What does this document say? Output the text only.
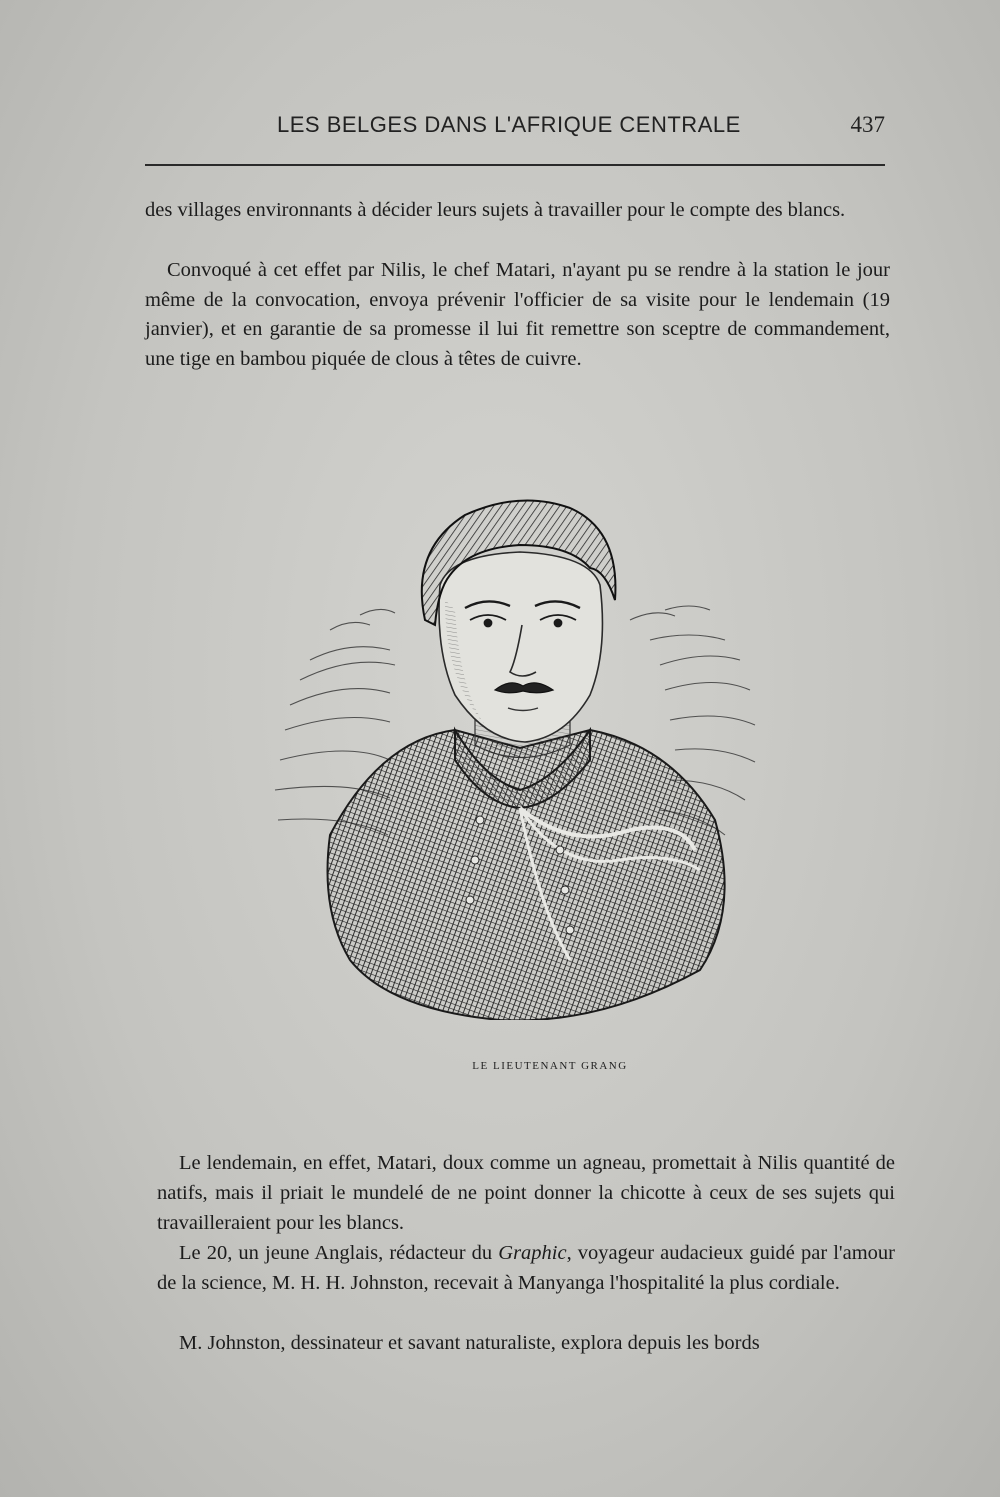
LES BELGES DANS L'AFRIQUE CENTRALE	437

des villages environnants à décider leurs sujets à travailler pour le compte des blancs.

Convoqué à cet effet par Nilis, le chef Matari, n'ayant pu se rendre à la station le jour même de la convocation, envoya prévenir l'officier de sa visite pour le lendemain (19 janvier), et en garantie de sa promesse il lui fit remettre son sceptre de commandement, une tige en bambou piquée de clous à têtes de cuivre.

LE LIEUTENANT GRANG

Le lendemain, en effet, Matari, doux comme un agneau, promettait à Nilis quantité de natifs, mais il priait le mundelé de ne point donner la chicotte à ceux de ses sujets qui travailleraient pour les blancs.

Le 20, un jeune Anglais, rédacteur du Graphic, voyageur audacieux guidé par l'amour de la science, M. H. H. Johnston, recevait à Manyanga l'hospitalité la plus cordiale.

M. Johnston, dessinateur et savant naturaliste, explora depuis les bords
